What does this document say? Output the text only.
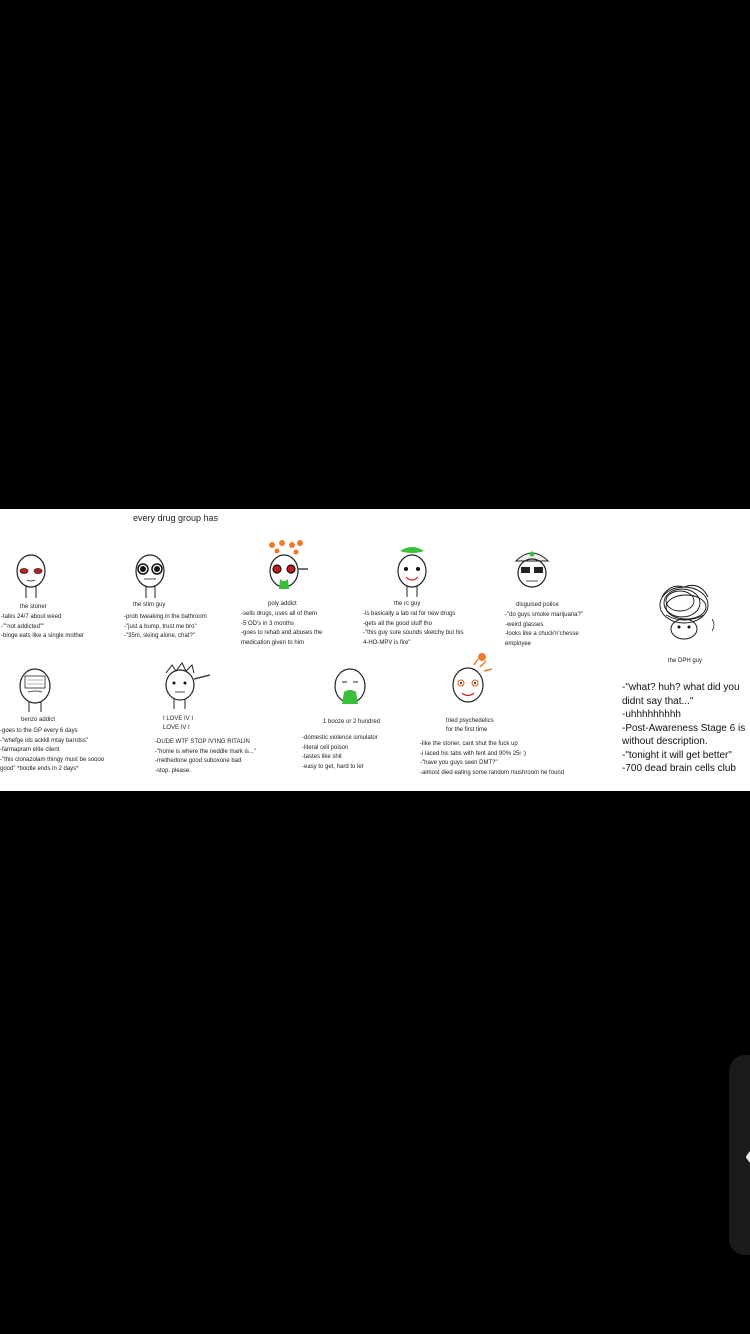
every drug group has
the stoner
-talks 24/7 about weed
-""not addicted""
-binge eats like a single mother
the stim guy
-prob tweaking in the bathroom
-"just a bump, trust me bro"
-"35m, skiing alone, chat?"
poly addict
-sells drugs, uses all of them
-5 OD's in 3 months
-goes to rehab and abuses the
medication given to him
the rc guy
-is basically a lab rat for new drugs
-gets all the good stuff tho
-"this guy sure sounds sketchy but his
4-HO-MPV is fire"
disguised police
-"do guys smoke marijuana?"
-weird glasses
-looks like a chuck'n'chesse
employee
benzo addict
-goes to the GP every 6 days
-"whefge ids ackkll mtay barrdss"
-farmapram elite client
-"this clonazolam thingy must be soooo
good" *bootle ends in 2 days*
I LOVE IV I
LOVE IV I
-DUDE WTF STOP IV'ING RITALIN
-"home is where the neddle mark is..."
-methedone good suboxone bad
-stop. please.
1 booze or 2 hundred
-domestic violence simulator
-literal cell poison
-tastes like shit
-easy to get, hard to let
tried psychedelics
for the first time
-like the stoner, cant shut the fuck up
-i laced his tabs with fent and 90% 25i :)
-"have you guys seen DMT?"
-almost died eating some random mushroom he found
the DPH guy
-"what? huh? what did you
didnt say that..."
-uhhhhhhhhh
-Post-Awareness Stage 6 is
without description.
-"tonight it will get better"
-700 dead brain cells club
